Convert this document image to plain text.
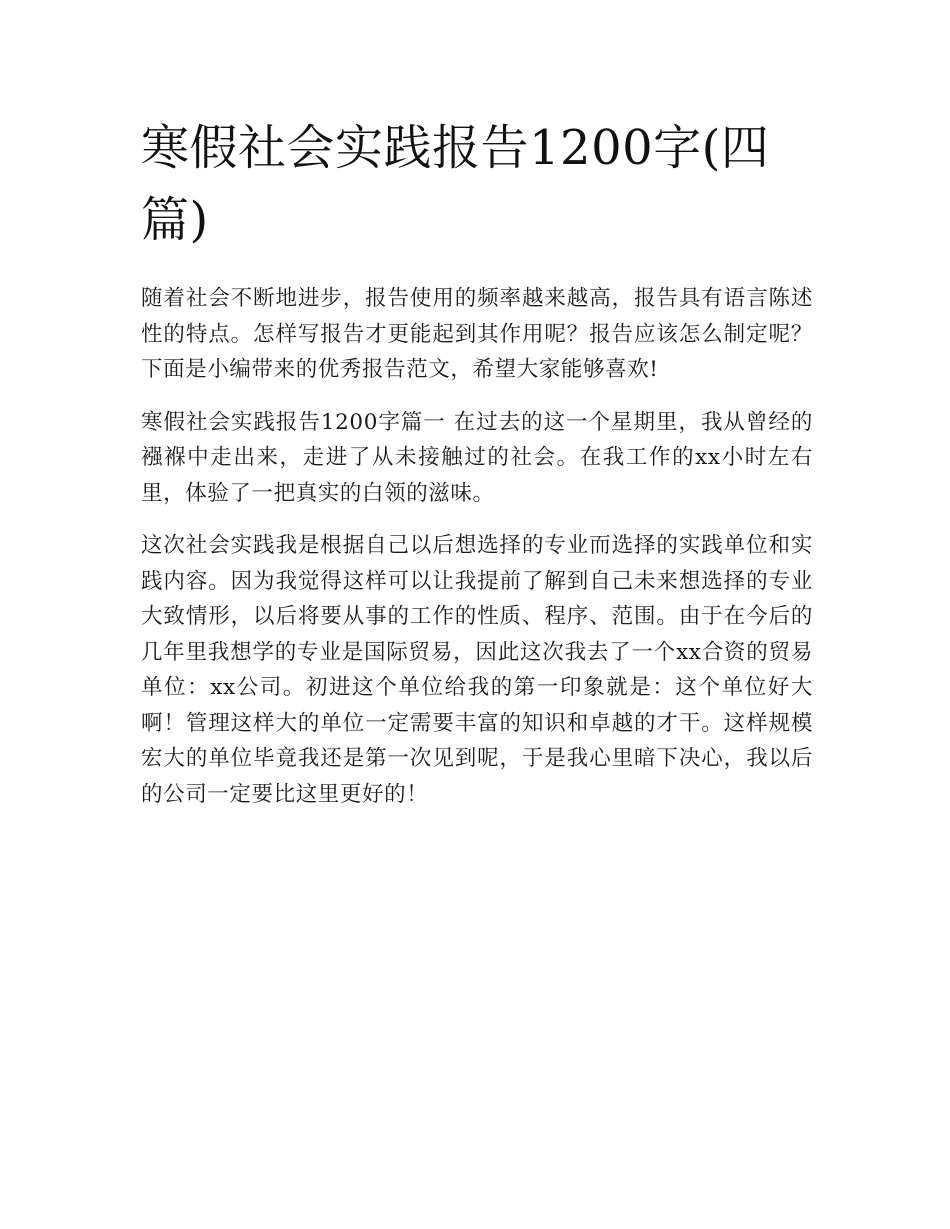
寒假社会实践报告1200字(四篇)

随着社会不断地进步，报告使用的频率越来越高，报告具有语言陈述性的特点。怎样写报告才更能起到其作用呢？报告应该怎么制定呢？下面是小编带来的优秀报告范文，希望大家能够喜欢!

寒假社会实践报告1200字篇一 在过去的这一个星期里，我从曾经的襁褓中走出来，走进了从未接触过的社会。在我工作的xx小时左右里，体验了一把真实的白领的滋味。

这次社会实践我是根据自己以后想选择的专业而选择的实践单位和实践内容。因为我觉得这样可以让我提前了解到自己未来想选择的专业大致情形，以后将要从事的工作的性质、程序、范围。由于在今后的几年里我想学的专业是国际贸易，因此这次我去了一个xx合资的贸易单位：xx公司。初进这个单位给我的第一印象就是：这个单位好大啊！管理这样大的单位一定需要丰富的知识和卓越的才干。这样规模宏大的单位毕竟我还是第一次见到呢，于是我心里暗下决心，我以后的公司一定要比这里更好的！
